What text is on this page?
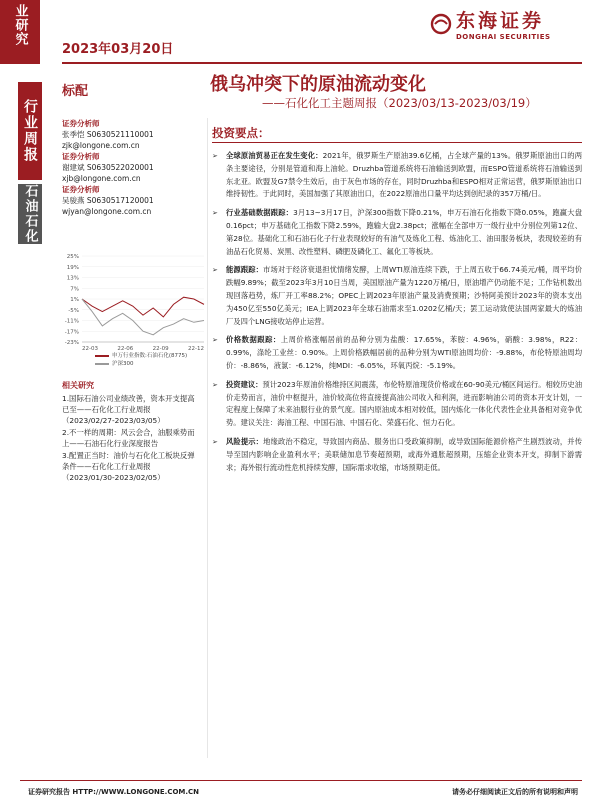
业研究
2023年03月20日
东海证券
DONGHAI SECURITIES
行业周报
石油石化
标配	俄乌冲突下的原油流动变化
——石化化工主题周报（2023/03/13-2023/03/19）
证券分析师
张季恺 S0630521110001
zjk@longone.com.cn
证券分析师
谢建斌 S0630522020001
xjb@longone.com.cn
证券分析师
吴骏燕 S0630517120001
wjyan@longone.com.cn
25%
19%
13%
7%
1%
-5%
-11%
-17%
-23%
22-03	22-06	22-09	22-12
申万行业指数:石油石化(8775)
沪深300
相关研究
1.国际石油公司业绩改善，资本开支提高已至——石化化工行业周报（2023/02/27-2023/03/05）
2.不一样的周期：风云会合，油服乘势而上——石油石化行业深度报告
3.配置正当时：油价与石化化工板块反弹条件——石化化工行业周报（2023/01/30-2023/02/05）
投资要点：
➢ 全球原油贸易正在发生变化：2021年，俄罗斯生产原油39.6亿桶，占全球产量的13%。俄罗斯原油出口的两条主要途径，分别是管道和海上油轮。Druzhba管道系统将石油输送到欧盟，而ESPO管道系统将石油输送到东北亚。欧盟及G7禁令生效后，由于灰色市场的存在，同时Druzhba和ESPO相对正常运营，俄罗斯原油出口维持韧性。于此同时，美国加强了其原油出口，在2022原油出口量平均达到创纪录的357万桶/日。
➢ 行业基础数据跟踪：3月13~3月17日，沪深300指数下降0.21%，申万石油石化指数下降0.05%，跑赢大盘0.16pct；申万基础化工指数下降2.59%，跑输大盘2.38pct；涨幅在全部申万一级行业中分别位列第12位、第28位。基础化工和石油石化子行业表现较好的有油气及炼化工程、炼油化工、油田服务板块，表现较差的有油品石化贸易、炭黑、改性塑料、磷肥及磷化工、氟化工等板块。
➢ 能源跟踪：市场对于经济衰退担忧情绪发酵，上周WTI原油连续下跌，于上周五收于66.74美元/桶，周平均价跌幅9.89%；截至2023年3月10日当周，美国原油产量为1220万桶/日，原油增产仍动能不足；工作钻机数出现回落趋势，炼厂开工率88.2%；OPEC上调2023年原油产量及消费预期；沙特阿美预计2023年的资本支出为450亿至550亿美元；IEA上调2023年全球石油需求至1.0202亿桶/天；罢工运动致使法国两家最大的炼油厂及四个LNG接收站停止运营。
➢ 价格数据跟踪：上周价格涨幅居前的品种分别为盐酸：17.65%，苯胺：4.96%，硝酸：3.98%，R22：0.99%，涤纶工业丝：0.90%。上周价格跌幅居前的品种分别为WTI原油周均价：-9.88%，布伦特原油周均价：-8.86%，液氯：-6.12%，纯MDI：-6.05%，环氧丙烷：-5.19%。
➢ 投资建议：预计2023年原油价格维持区间震荡，布伦特原油现货价格或在60-90美元/桶区间运行。相较历史油价走势而言，油价中枢提升，油价较高位将直接提高油公司收入和利润，进而影响油公司的资本开支计划，一定程度上保障了未来油服行业的景气度。国内原油成本相对较低，国内炼化一体化代表性企业具备相对竞争优势。建议关注：海油工程、中国石油、中国石化、荣盛石化、恒力石化。
➢ 风险提示：地缘政治不稳定，导致国内商品、服务出口受政策抑制，或导致国际能源价格产生剧烈波动，并传导至国内影响企业盈利水平；美联储加息节奏超预期，或海外通胀超预期，压缩企业资本开支，抑制下游需求；海外银行流动性危机持续发酵，国际需求收缩，市场预期走低。
证券研究报告 HTTP://WWW.LONGONE.COM.CN	请务必仔细阅读正文后的所有说明和声明
